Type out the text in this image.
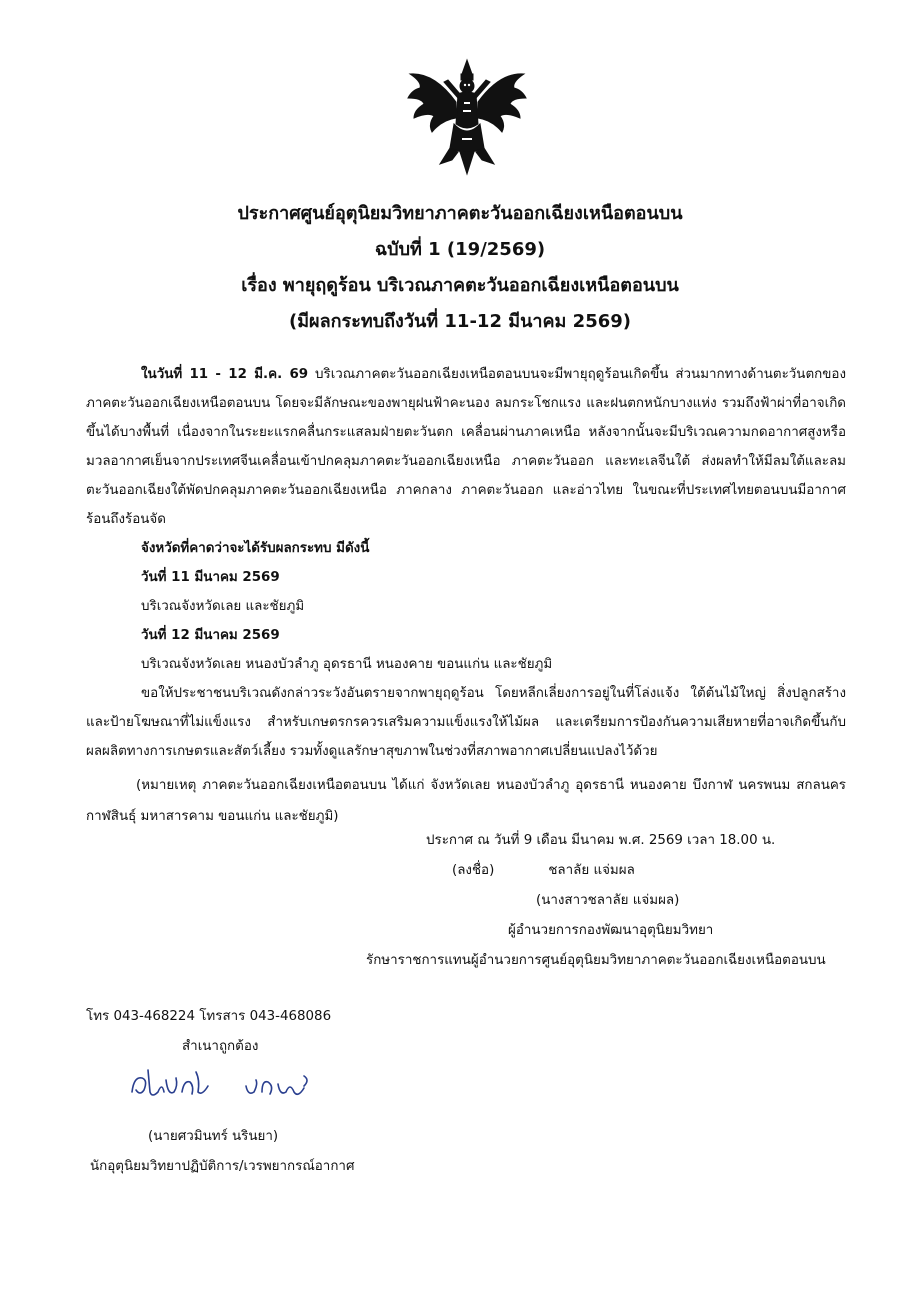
ประกาศศูนย์อุตุนิยมวิทยาภาคตะวันออกเฉียงเหนือตอนบน
ฉบับที่ 1 (19/2569)
เรื่อง พายุฤดูร้อน บริเวณภาคตะวันออกเฉียงเหนือตอนบน
(มีผลกระทบถึงวันที่ 11-12 มีนาคม 2569)

ในวันที่ 11 - 12 มี.ค. 69 บริเวณภาคตะวันออกเฉียงเหนือตอนบนจะมีพายุฤดูร้อนเกิดขึ้น ส่วนมากทางด้านตะวันตกของภาคตะวันออกเฉียงเหนือตอนบน โดยจะมีลักษณะของพายุฝนฟ้าคะนอง ลมกระโชกแรง และฝนตกหนักบางแห่ง รวมถึงฟ้าผ่าที่อาจเกิดขึ้นได้บางพื้นที่ เนื่องจากในระยะแรกคลื่นกระแสลมฝ่ายตะวันตก เคลื่อนผ่านภาคเหนือ หลังจากนั้นจะมีบริเวณความกดอากาศสูงหรือมวลอากาศเย็นจากประเทศจีนเคลื่อนเข้าปกคลุมภาคตะวันออกเฉียงเหนือ ภาคตะวันออก และทะเลจีนใต้ ส่งผลทำให้มีลมใต้และลมตะวันออกเฉียงใต้พัดปกคลุมภาคตะวันออกเฉียงเหนือ ภาคกลาง ภาคตะวันออก และอ่าวไทย ในขณะที่ประเทศไทยตอนบนมีอากาศร้อนถึงร้อนจัด

จังหวัดที่คาดว่าจะได้รับผลกระทบ มีดังนี้

วันที่ 11 มีนาคม 2569

บริเวณจังหวัดเลย และชัยภูมิ

วันที่ 12 มีนาคม 2569

บริเวณจังหวัดเลย หนองบัวลำภู อุดรธานี หนองคาย ขอนแก่น และชัยภูมิ

ขอให้ประชาชนบริเวณดังกล่าวระวังอันตรายจากพายุฤดูร้อน โดยหลีกเลี่ยงการอยู่ในที่โล่งแจ้ง ใต้ต้นไม้ใหญ่ สิ่งปลูกสร้าง และป้ายโฆษณาที่ไม่แข็งแรง สำหรับเกษตรกรควรเสริมความแข็งแรงให้ไม้ผล และเตรียมการป้องกันความเสียหายที่อาจเกิดขึ้นกับผลผลิตทางการเกษตรและสัตว์เลี้ยง รวมทั้งดูแลรักษาสุขภาพในช่วงที่สภาพอากาศเปลี่ยนแปลงไว้ด้วย

(หมายเหตุ ภาคตะวันออกเฉียงเหนือตอนบน ได้แก่ จังหวัดเลย หนองบัวลำภู อุดรธานี หนองคาย บึงกาฬ นครพนม สกลนคร กาฬสินธุ์ มหาสารคาม ขอนแก่น และชัยภูมิ)

ประกาศ ณ วันที่ 9 เดือน มีนาคม พ.ศ. 2569 เวลา 18.00 น.
(ลงชื่อ)	ชลาลัย แจ่มผล
(นางสาวชลาลัย แจ่มผล)
ผู้อำนวยการกองพัฒนาอุตุนิยมวิทยา
รักษาราชการแทนผู้อำนวยการศูนย์อุตุนิยมวิทยาภาคตะวันออกเฉียงเหนือตอนบน
โทร 043-468224 โทรสาร 043-468086
สำเนาถูกต้อง
(นายศวมินทร์ นรินยา)
นักอุตุนิยมวิทยาปฏิบัติการ/เวรพยากรณ์อากาศ
